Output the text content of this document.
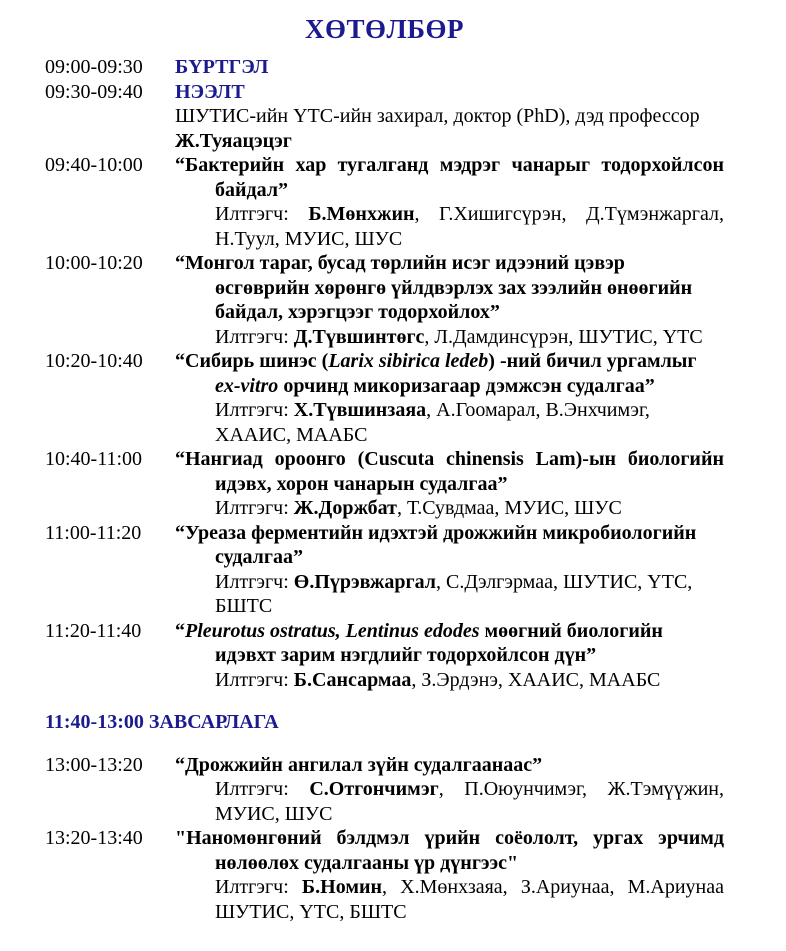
ХӨТӨЛБӨР
09:00-09:30	БҮРТГЭЛ
09:30-09:40	НЭЭЛТ
ШУТИС-ийн ҮТС-ийн захирал, доктор (PhD), дэд профессор
Ж.Туяацэцэг
09:40-10:00	“Бактерийн хар тугалганд мэдрэг чанарыг тодорхойлсон байдал”

Илтгэгч: Б.Мөнхжин, Г.Хишигсүрэн, Д.Түмэнжаргал, Н.Туул, МУИС, ШУС

10:00-10:20	“Монгол тараг, бусад төрлийн исэг идээний цэвэр өсгөврийн хөрөнгө үйлдвэрлэх зах зээлийн өнөөгийн байдал, хэрэгцээг тодорхойлох”

Илтгэгч: Д.Түвшинтөгс, Л.Дамдинсүрэн, ШУТИС, ҮТС

10:20-10:40	“Сибирь шинэс (Larix sibirica ledeb) -ний бичил ургамлыг ex-vitro орчинд микоризагаар дэмжсэн судалгаа”

Илтгэгч: Х.Түвшинзаяа, А.Гоомарал, В.Энхчимэг, ХААИС, МААБС

10:40-11:00	“Нангиад ороонго (Cuscuta chinensis Lam)-ын биологийн идэвх, хорон чанарын судалгаа”

Илтгэгч: Ж.Доржбат, Т.Сувдмаа, МУИС, ШУС

11:00-11:20	“Уреаза ферментийн идэхтэй дрожжийн микробиологийн судалгаа”

Илтгэгч: Ө.Пүрэвжаргал, С.Дэлгэрмаа, ШУТИС, ҮТС, БШТС

11:20-11:40	“Pleurotus ostratus, Lentinus edodes мөөгний биологийн идэвхт зарим нэгдлийг тодорхойлсон дүн”

Илтгэгч: Б.Сансармаа, З.Эрдэнэ, ХААИС, МААБС

11:40-13:00 ЗАВСАРЛАГА
13:00-13:20	“Дрожжийн ангилал зүйн судалгаанаас”

Илтгэгч: С.Отгончимэг, П.Оюунчимэг, Ж.Тэмүүжин, МУИС, ШУС

13:20-13:40	"Наномөнгөний бэлдмэл үрийн соёололт, ургах эрчимд нөлөөлөх судалгааны үр дүнгээс"

Илтгэгч: Б.Номин, Х.Мөнхзаяа, З.Ариунаа, М.Ариунаа ШУТИС, ҮТС, БШТС
